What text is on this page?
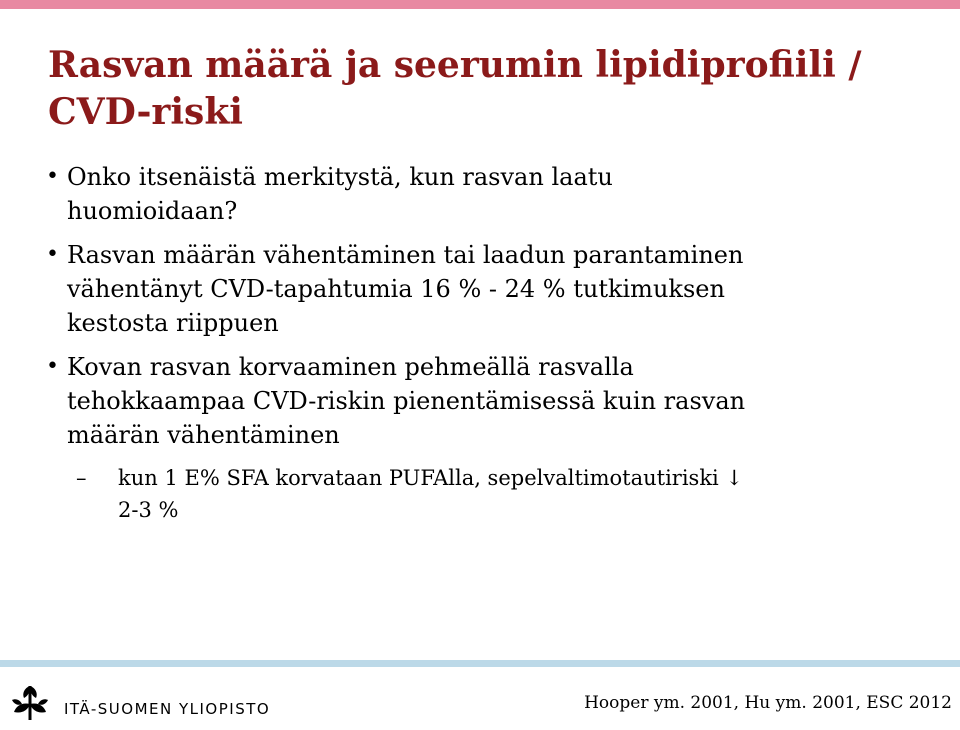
Rasvan määrä ja seerumin lipidiprofiili / CVD-riski
• Onko itsenäistä merkitystä, kun rasvan laatu huomioidaan?
• Rasvan määrän vähentäminen tai laadun parantaminen vähentänyt CVD-tapahtumia 16 % - 24 % tutkimuksen kestosta riippuen
• Kovan rasvan korvaaminen pehmeällä rasvalla tehokkaampaa CVD-riskin pienentämisessä kuin rasvan määrän vähentäminen
– kun 1 E% SFA korvataan PUFAlla, sepelvaltimotautiriski ↓ 2-3 %
ITÄ-SUOMEN YLIOPISTO	Hooper ym. 2001, Hu ym. 2001, ESC 2012
